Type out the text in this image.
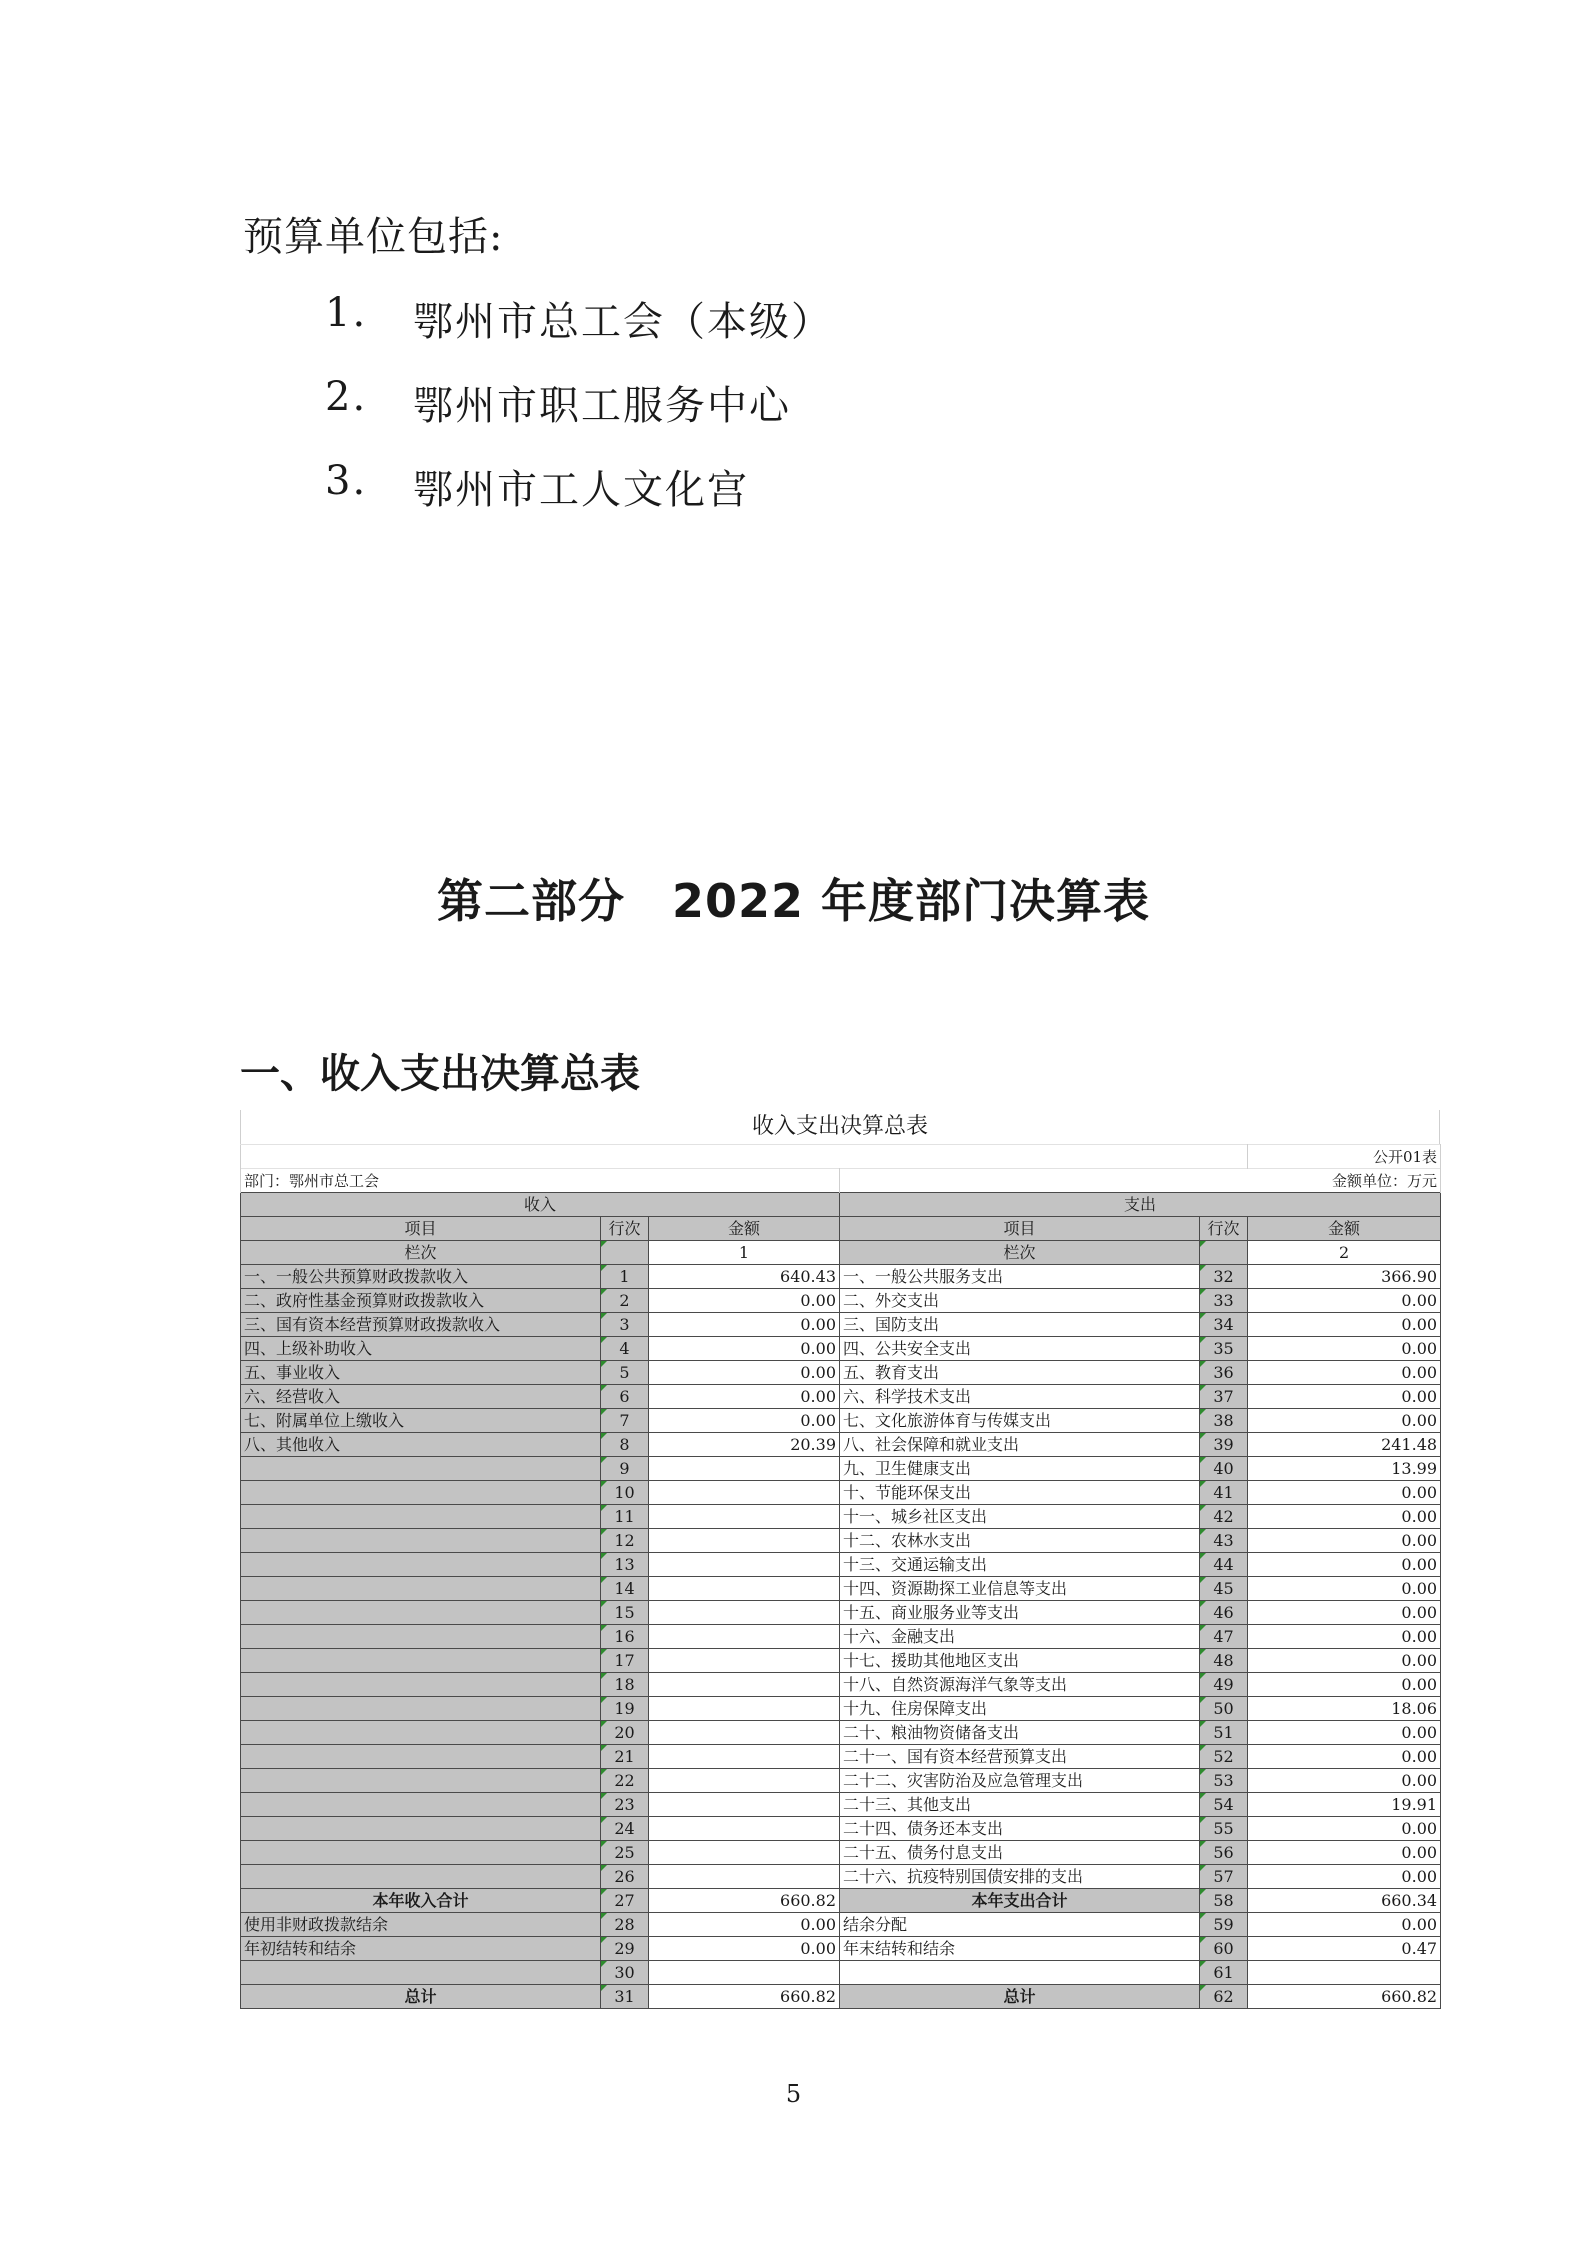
预算单位包括:
1.	鄂州市总工会（本级）
2.	鄂州市职工服务中心
3.	鄂州市工人文化宫
第二部分　2022 年度部门决算表
一、收入支出决算总表
收入支出决算总表
					公开01表
部门：鄂州市总工会			金额单位：万元		
收入			支出		
项目	行次	金额	项目	行次	金额
栏次		1	栏次		2
一、一般公共预算财政拨款收入	1	640.43	一、一般公共服务支出	32	366.90
二、政府性基金预算财政拨款收入	2	0.00	二、外交支出	33	0.00
三、国有资本经营预算财政拨款收入	3	0.00	三、国防支出	34	0.00
四、上级补助收入	4	0.00	四、公共安全支出	35	0.00
五、事业收入	5	0.00	五、教育支出	36	0.00
六、经营收入	6	0.00	六、科学技术支出	37	0.00
七、附属单位上缴收入	7	0.00	七、文化旅游体育与传媒支出	38	0.00
八、其他收入	8	20.39	八、社会保障和就业支出	39	241.48
	9		九、卫生健康支出	40	13.99
	10		十、节能环保支出	41	0.00
	11		十一、城乡社区支出	42	0.00
	12		十二、农林水支出	43	0.00
	13		十三、交通运输支出	44	0.00
	14		十四、资源勘探工业信息等支出	45	0.00
	15		十五、商业服务业等支出	46	0.00
	16		十六、金融支出	47	0.00
	17		十七、援助其他地区支出	48	0.00
	18		十八、自然资源海洋气象等支出	49	0.00
	19		十九、住房保障支出	50	18.06
	20		二十、粮油物资储备支出	51	0.00
	21		二十一、国有资本经营预算支出	52	0.00
	22		二十二、灾害防治及应急管理支出	53	0.00
	23		二十三、其他支出	54	19.91
	24		二十四、债务还本支出	55	0.00
	25		二十五、债务付息支出	56	0.00
	26		二十六、抗疫特别国债安排的支出	57	0.00
本年收入合计	27	660.82	本年支出合计	58	660.34
使用非财政拨款结余	28	0.00	结余分配	59	0.00
年初结转和结余	29	0.00	年末结转和结余	60	0.47
	30			61	
总计	31	660.82	总计	62	660.82
5
